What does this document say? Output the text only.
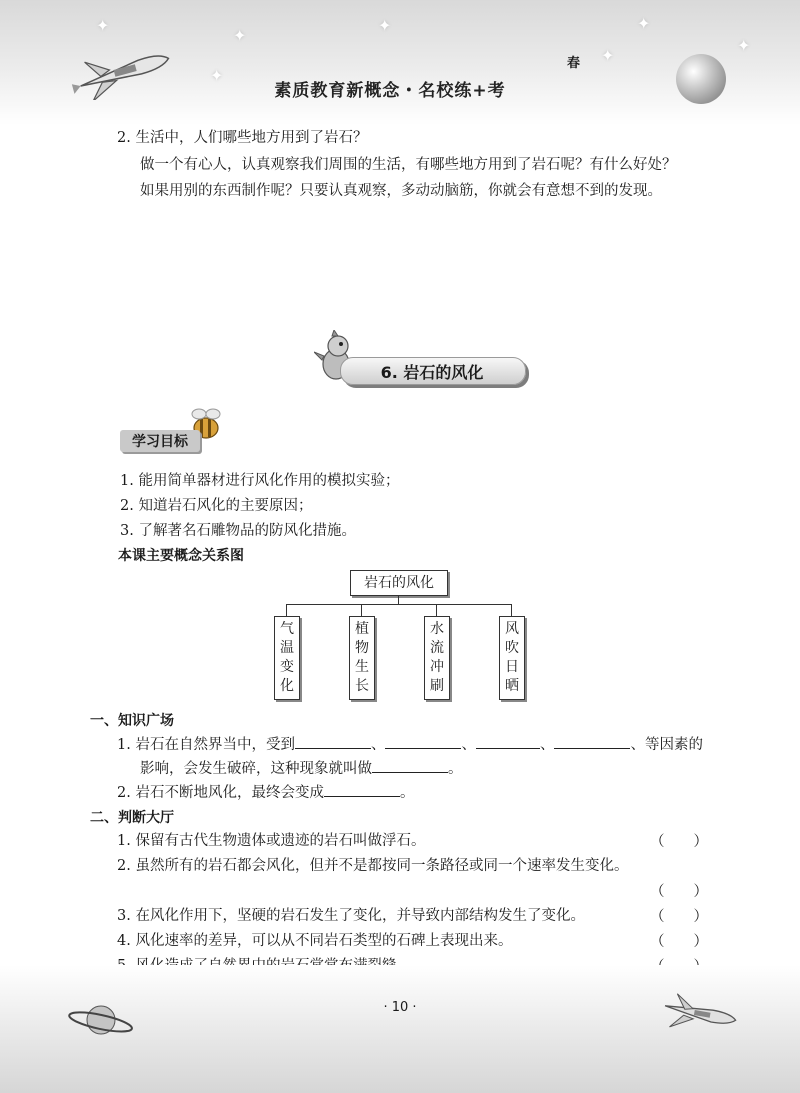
✦
✦
✦
✦
✦
✦
✦
素质教育新概念・名校练+考
春
2. 生活中，人们哪些地方用到了岩石？
做一个有心人，认真观察我们周围的生活，有哪些地方用到了岩石呢？有什么好处？
如果用别的东西制作呢？只要认真观察，多动动脑筋，你就会有意想不到的发现。
6. 岩石的风化
学习目标
1. 能用简单器材进行风化作用的模拟实验；
2. 知道岩石风化的主要原因；
3. 了解著名石雕物品的防风化措施。
本课主要概念关系图
岩石的风化
气
温
变
化
植
物
生
长
水
流
冲
刷
风
吹
日
晒
一、知识广场
1. 岩石在自然界当中，受到	、	、	、	、等因素的
影响，会发生破碎，这种现象就叫做	。
2. 岩石不断地风化，最终会变成	。
二、判断大厅
1. 保留有古代生物遗体或遗迹的岩石叫做浮石。	（　　）
2. 虽然所有的岩石都会风化，但并不是都按同一条路径或同一个速率发生变化。
（　　）
3. 在风化作用下，坚硬的岩石发生了变化，并导致内部结构发生了变化。	（　　）
4. 风化速率的差异，可以从不同岩石类型的石碑上表现出来。	（　　）
· 10 ·
